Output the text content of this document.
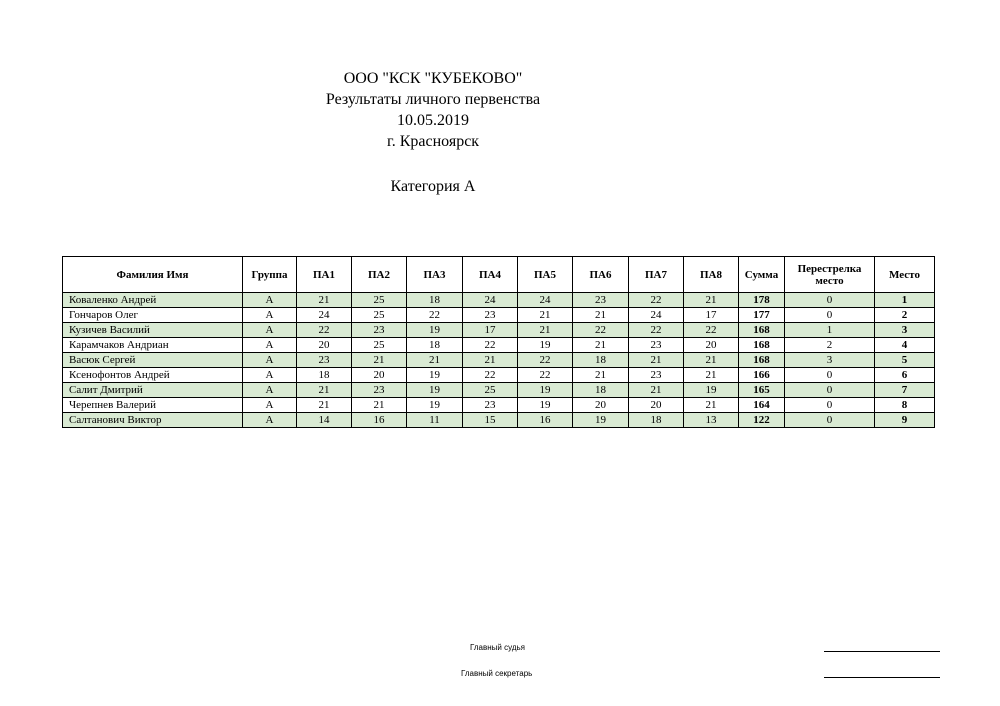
ООО "КСК "КУБЕКОВО"
Результаты личного первенства
10.05.2019
г. Красноярск
Категория А
Фамилия Имя	Группа	ПА1	ПА2	ПА3	ПА4	ПА5	ПА6	ПА7	ПА8	Сумма	Перестрелка место	Место
Коваленко Андрей	А	21	25	18	24	24	23	22	21	178	0	1
Гончаров Олег	А	24	25	22	23	21	21	24	17	177	0	2
Кузичев Василий	А	22	23	19	17	21	22	22	22	168	1	3
Карамчаков Андриан	А	20	25	18	22	19	21	23	20	168	2	4
Васюк Сергей	А	23	21	21	21	22	18	21	21	168	3	5
Ксенофонтов Андрей	А	18	20	19	22	22	21	23	21	166	0	6
Салит Дмитрий	А	21	23	19	25	19	18	21	19	165	0	7
Черепнев Валерий	А	21	21	19	23	19	20	20	21	164	0	8
Салтанович Виктор	А	14	16	11	15	16	19	18	13	122	0	9
Главный судья
Главный секретарь
